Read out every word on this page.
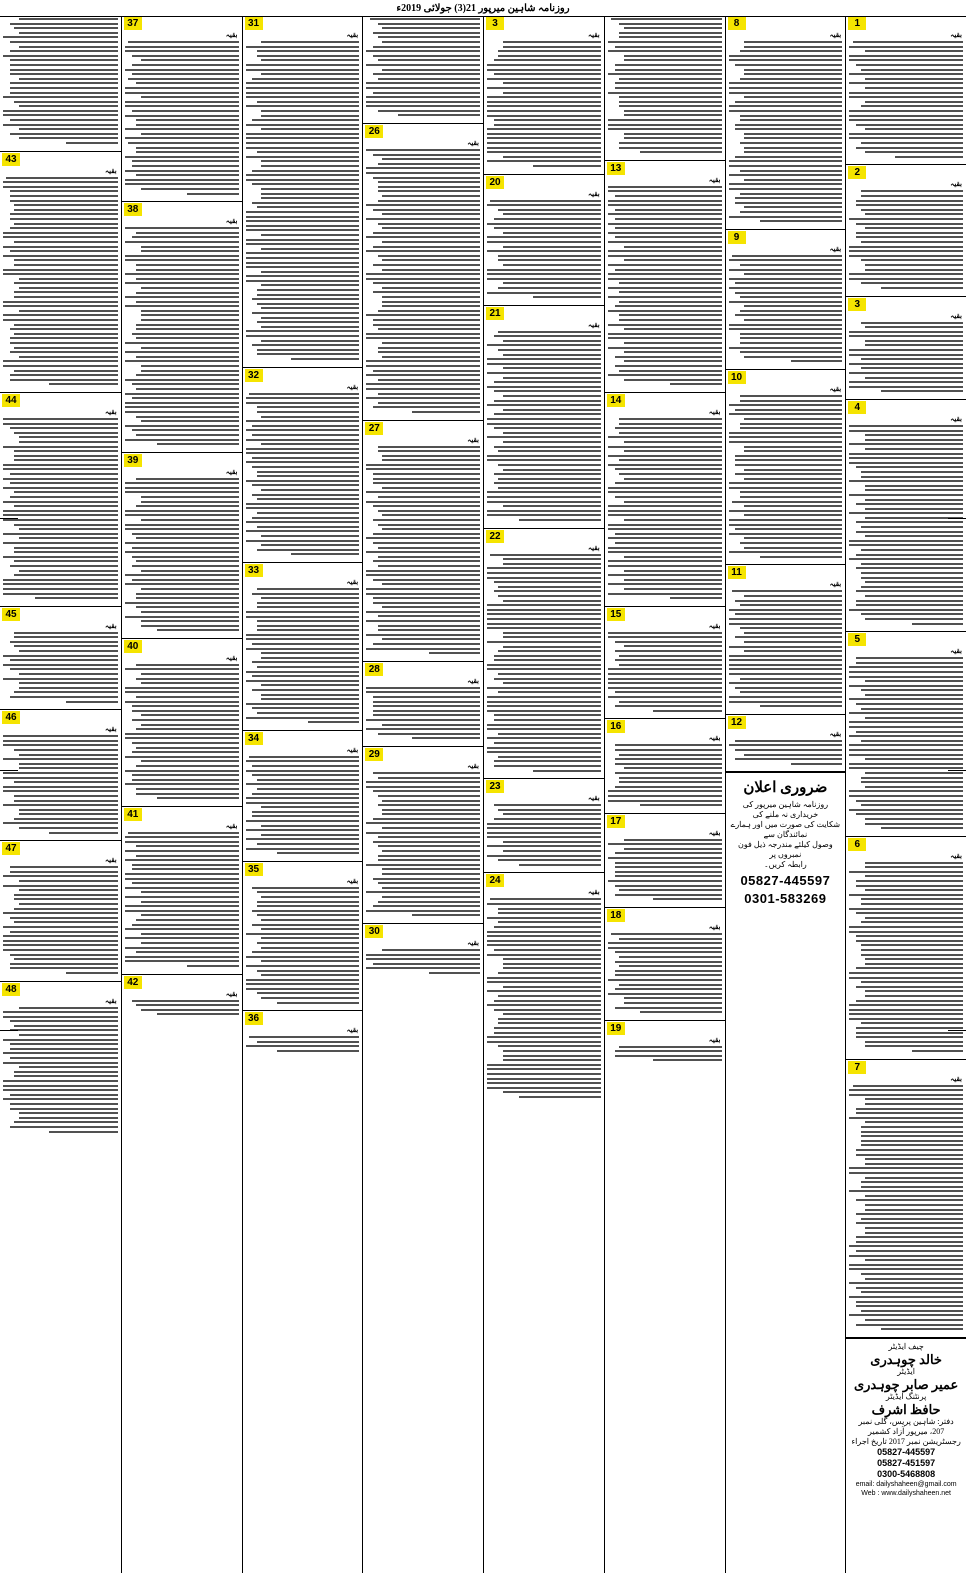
روزنامہ شاہین میرپور 21(3) جولائی 2019ء
1
بقیہ
2
بقیہ
3
بقیہ
4
بقیہ
5
بقیہ
6
بقیہ
7
بقیہ
چیف ایڈیٹر
خالد چوہدری
ایڈیٹر
عمیر صابر چوہدری
پرنٹنگ ایڈیٹر
حافظ اشرف
دفتر: شاہین پریس، گلی نمبر 207، میرپور آزاد کشمیر
رجسٹریشن نمبر 2017 تاریخ اجراء
05827-445597
05827-451597
0300-5468808
email: dailyshaheen@gmail.com
Web : www.dailyshaheen.net
8
بقیہ
9
بقیہ
10
بقیہ
11
بقیہ
12
بقیہ
ضروری اعلان
روزنامہ شاہین میرپور کی خریداری نہ ملنے کی
شکایت کی صورت میں اور ہمارے نمائندگان سے
وصول کیلئے مندرجہ ذیل فون نمبروں پر
رابطہ کریں۔
05827-445597
0301-583269
13
بقیہ
14
بقیہ
15
بقیہ
16
بقیہ
17
بقیہ
18
بقیہ
19
بقیہ
3
بقیہ
20
بقیہ
21
بقیہ
22
بقیہ
23
بقیہ
24
بقیہ
26
بقیہ
27
بقیہ
28
بقیہ
29
بقیہ
30
بقیہ
31
بقیہ
32
بقیہ
33
بقیہ
34
بقیہ
35
بقیہ
36
بقیہ
37
بقیہ
38
بقیہ
39
بقیہ
40
بقیہ
41
بقیہ
42
بقیہ
43
بقیہ
44
بقیہ
45
بقیہ
46
بقیہ
47
بقیہ
48
بقیہ
